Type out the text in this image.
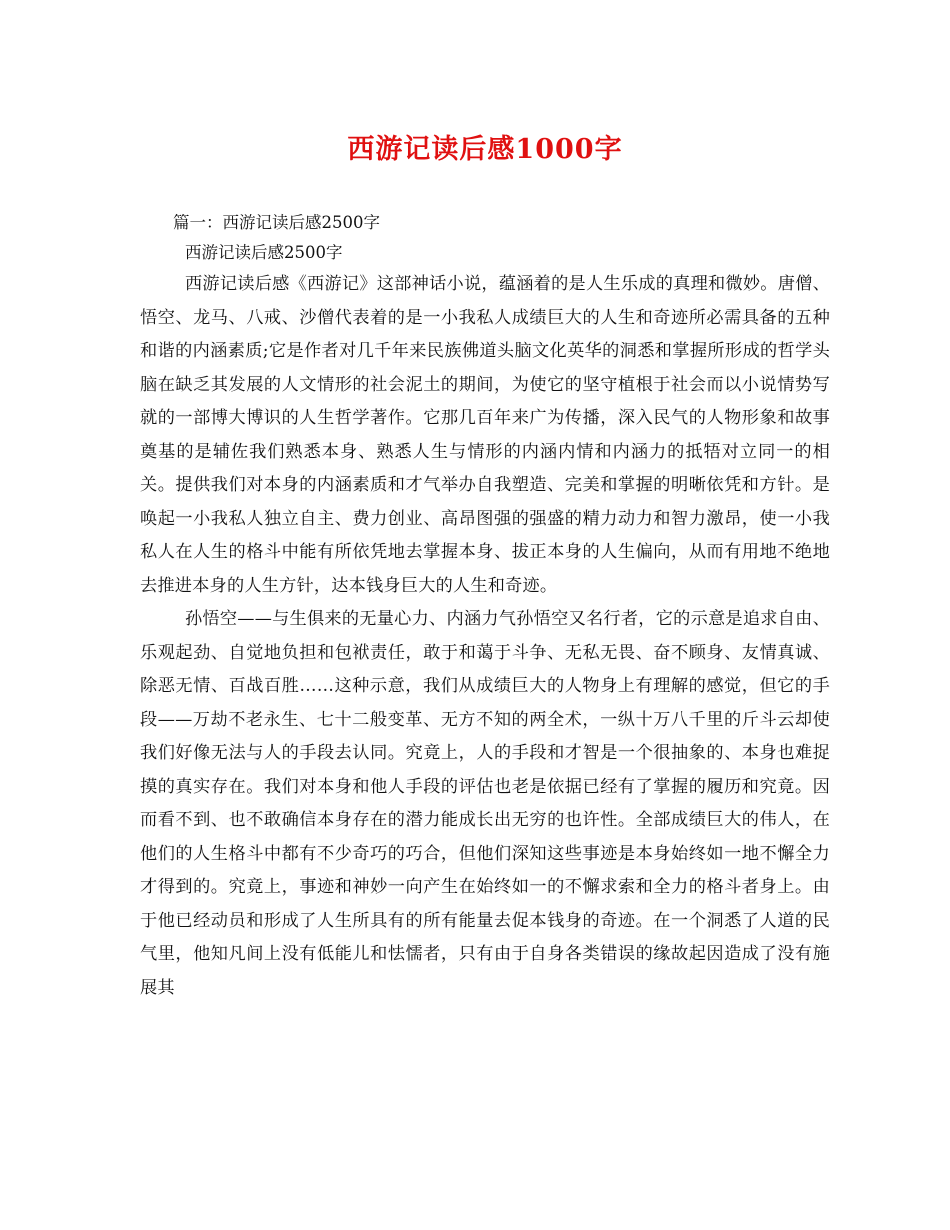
西游记读后感1000字

篇一：西游记读后感2500字

西游记读后感2500字

西游记读后感《西游记》这部神话小说，蕴涵着的是人生乐成的真理和微妙。唐僧、悟空、龙马、八戒、沙僧代表着的是一小我私人成绩巨大的人生和奇迹所必需具备的五种和谐的内涵素质;它是作者对几千年来民族佛道头脑文化英华的洞悉和掌握所形成的哲学头脑在缺乏其发展的人文情形的社会泥土的期间，为使它的坚守植根于社会而以小说情势写就的一部博大博识的人生哲学著作。它那几百年来广为传播，深入民气的人物形象和故事奠基的是辅佐我们熟悉本身、熟悉人生与情形的内涵内情和内涵力的抵牾对立同一的相关。提供我们对本身的内涵素质和才气举办自我塑造、完美和掌握的明晰依凭和方针。是唤起一小我私人独立自主、费力创业、高昂图强的强盛的精力动力和智力激昂，使一小我私人在人生的格斗中能有所依凭地去掌握本身、拔正本身的人生偏向，从而有用地不绝地去推进本身的人生方针，达本钱身巨大的人生和奇迹。

孙悟空——与生俱来的无量心力、内涵力气孙悟空又名行者，它的示意是追求自由、乐观起劲、自觉地负担和包袱责任，敢于和蔼于斗争、无私无畏、奋不顾身、友情真诚、除恶无情、百战百胜……这种示意，我们从成绩巨大的人物身上有理解的感觉，但它的手段——万劫不老永生、七十二般变革、无方不知的两全术，一纵十万八千里的斤斗云却使我们好像无法与人的手段去认同。究竟上，人的手段和才智是一个很抽象的、本身也难捉摸的真实存在。我们对本身和他人手段的评估也老是依据已经有了掌握的履历和究竟。因而看不到、也不敢确信本身存在的潜力能成长出无穷的也许性。全部成绩巨大的伟人，在他们的人生格斗中都有不少奇巧的巧合，但他们深知这些事迹是本身始终如一地不懈全力才得到的。究竟上，事迹和神妙一向产生在始终如一的不懈求索和全力的格斗者身上。由于他已经动员和形成了人生所具有的所有能量去促本钱身的奇迹。在一个洞悉了人道的民气里，他知凡间上没有低能儿和怯懦者，只有由于自身各类错误的缘故起因造成了没有施展其
